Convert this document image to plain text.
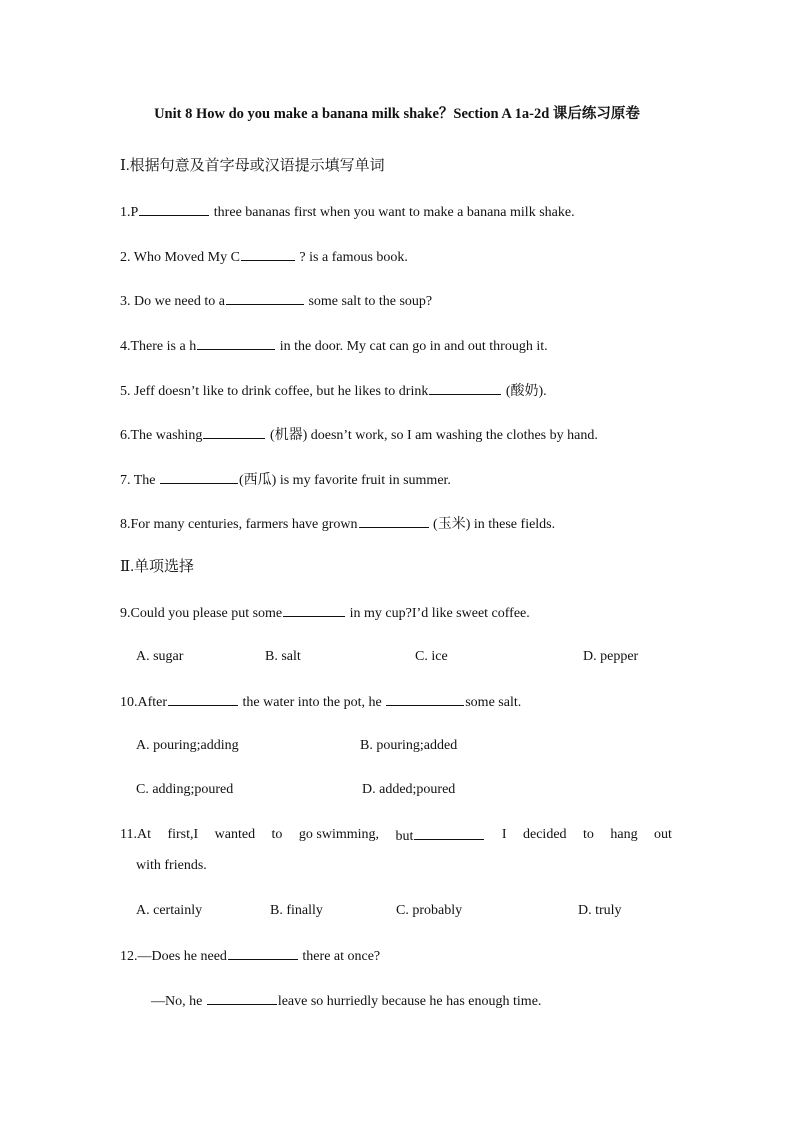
Unit 8 How do you make a banana milk shake？Section A 1a-2d 课后练习原卷
Ⅰ.根据句意及首字母或汉语提示填写单词
1.P	three bananas first when you want to make a banana milk shake.
2. Who Moved My C	? is a famous book.
3. Do we need to a	some salt to the soup?
4.There is a h	in the door. My cat can go in and out through it.
5. Jeff doesn’t like to drink coffee, but he likes to drink	(酸奶).
6.The washing	(机器) doesn’t work, so I am washing the clothes by hand.
7. The	(西瓜) is my favorite fruit in summer.
8.For many centuries, farmers have grown	(玉米) in these fields.
Ⅱ.单项选择
9.Could you please put some	in my cup?I’d like sweet coffee.
A. sugar	B. salt	C. ice	D. pepper
10.After	the water into the pot, he	some salt.
A. pouring;adding	B. pouring;added
C. adding;poured	D. added;poured
11.At first,I wanted to go swimming, but	I decided to hang out
with friends.
A. certainly	B. finally	C. probably	D. truly
12.—Does he need	there at once?
—No, he	leave so hurriedly because he has enough time.
